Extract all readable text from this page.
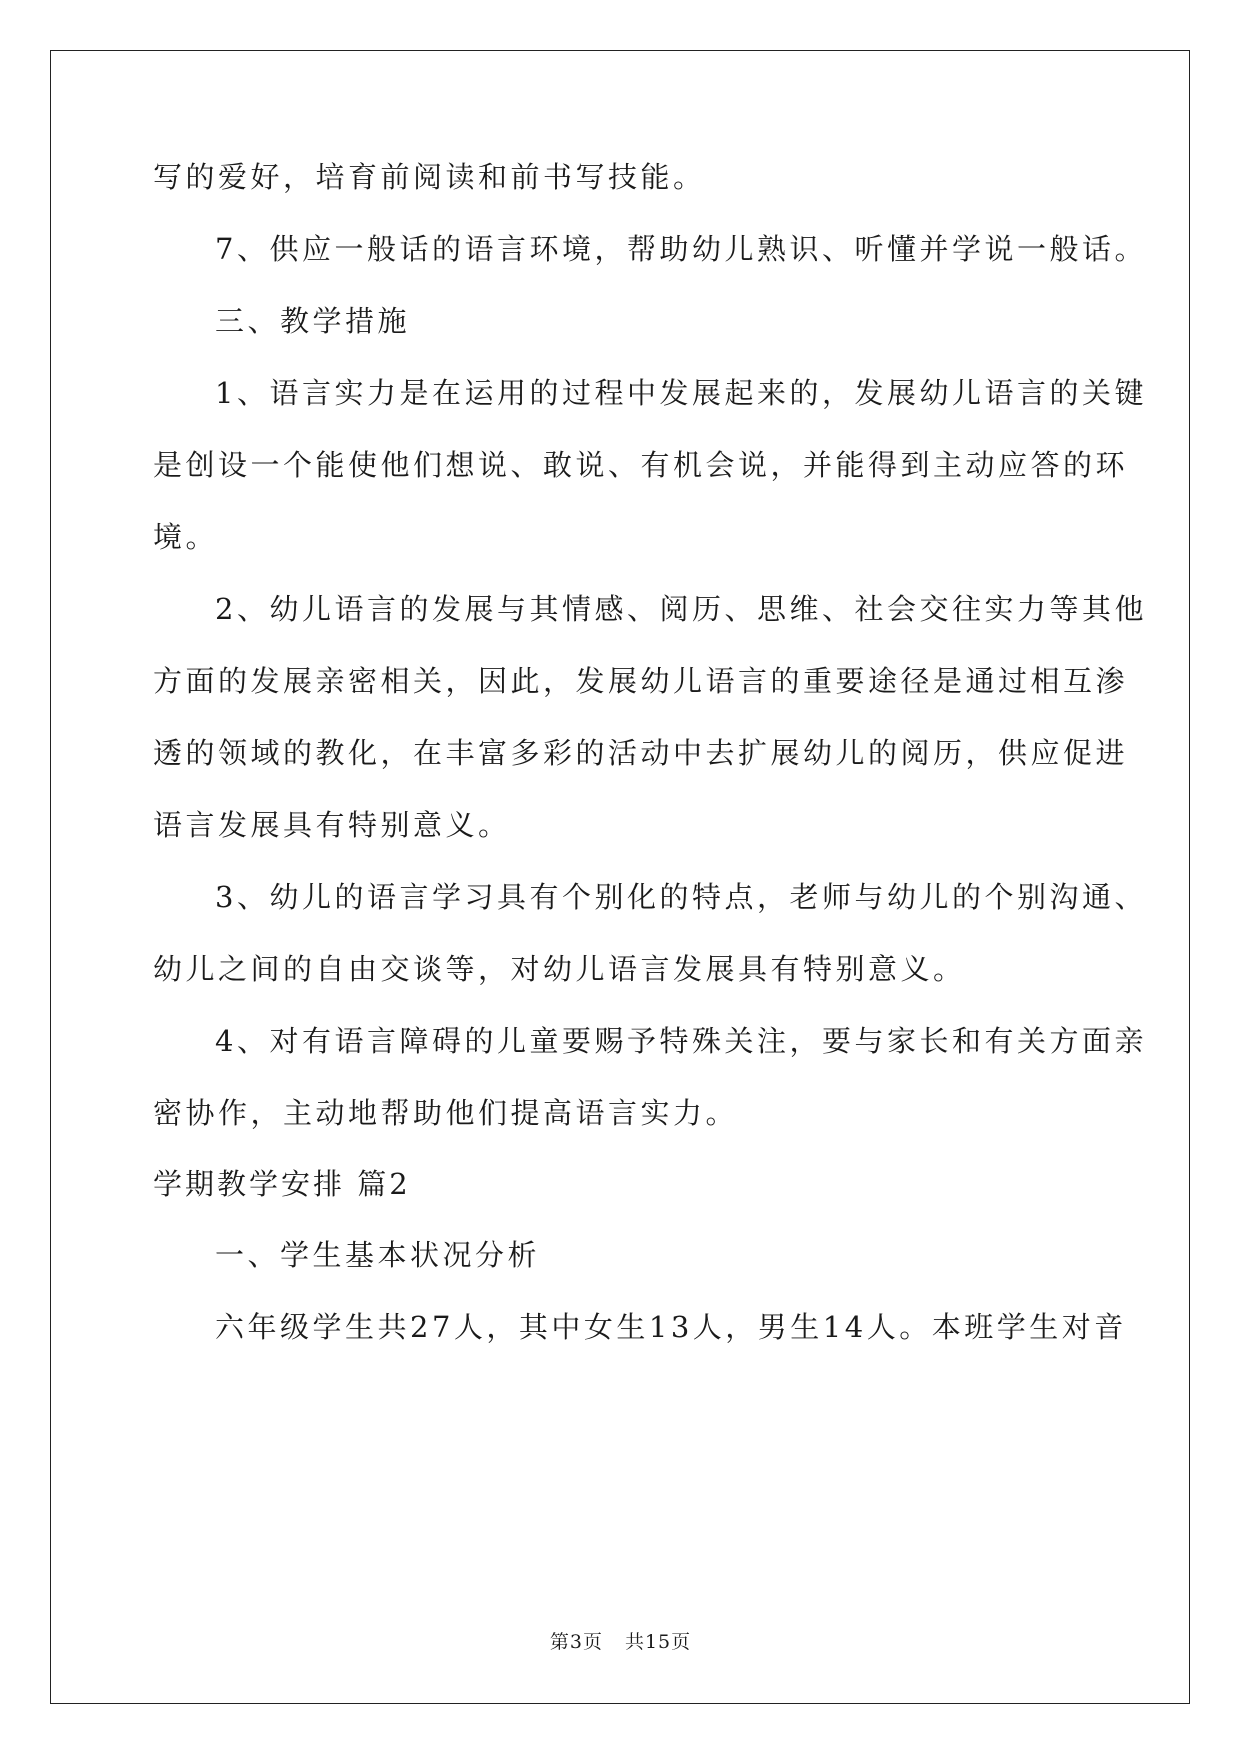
写的爱好，培育前阅读和前书写技能。
7、供应一般话的语言环境，帮助幼儿熟识、听懂并学说一般话。
三、教学措施
1、语言实力是在运用的过程中发展起来的，发展幼儿语言的关键
是创设一个能使他们想说、敢说、有机会说，并能得到主动应答的环
境。
2、幼儿语言的发展与其情感、阅历、思维、社会交往实力等其他
方面的发展亲密相关，因此，发展幼儿语言的重要途径是通过相互渗
透的领域的教化，在丰富多彩的活动中去扩展幼儿的阅历，供应促进
语言发展具有特别意义。
3、幼儿的语言学习具有个别化的特点，老师与幼儿的个别沟通、
幼儿之间的自由交谈等，对幼儿语言发展具有特别意义。
4、对有语言障碍的儿童要赐予特殊关注，要与家长和有关方面亲
密协作，主动地帮助他们提高语言实力。
学期教学安排 篇2
一、学生基本状况分析
六年级学生共27人，其中女生13人，男生14人。本班学生对音
第3页 共15页
